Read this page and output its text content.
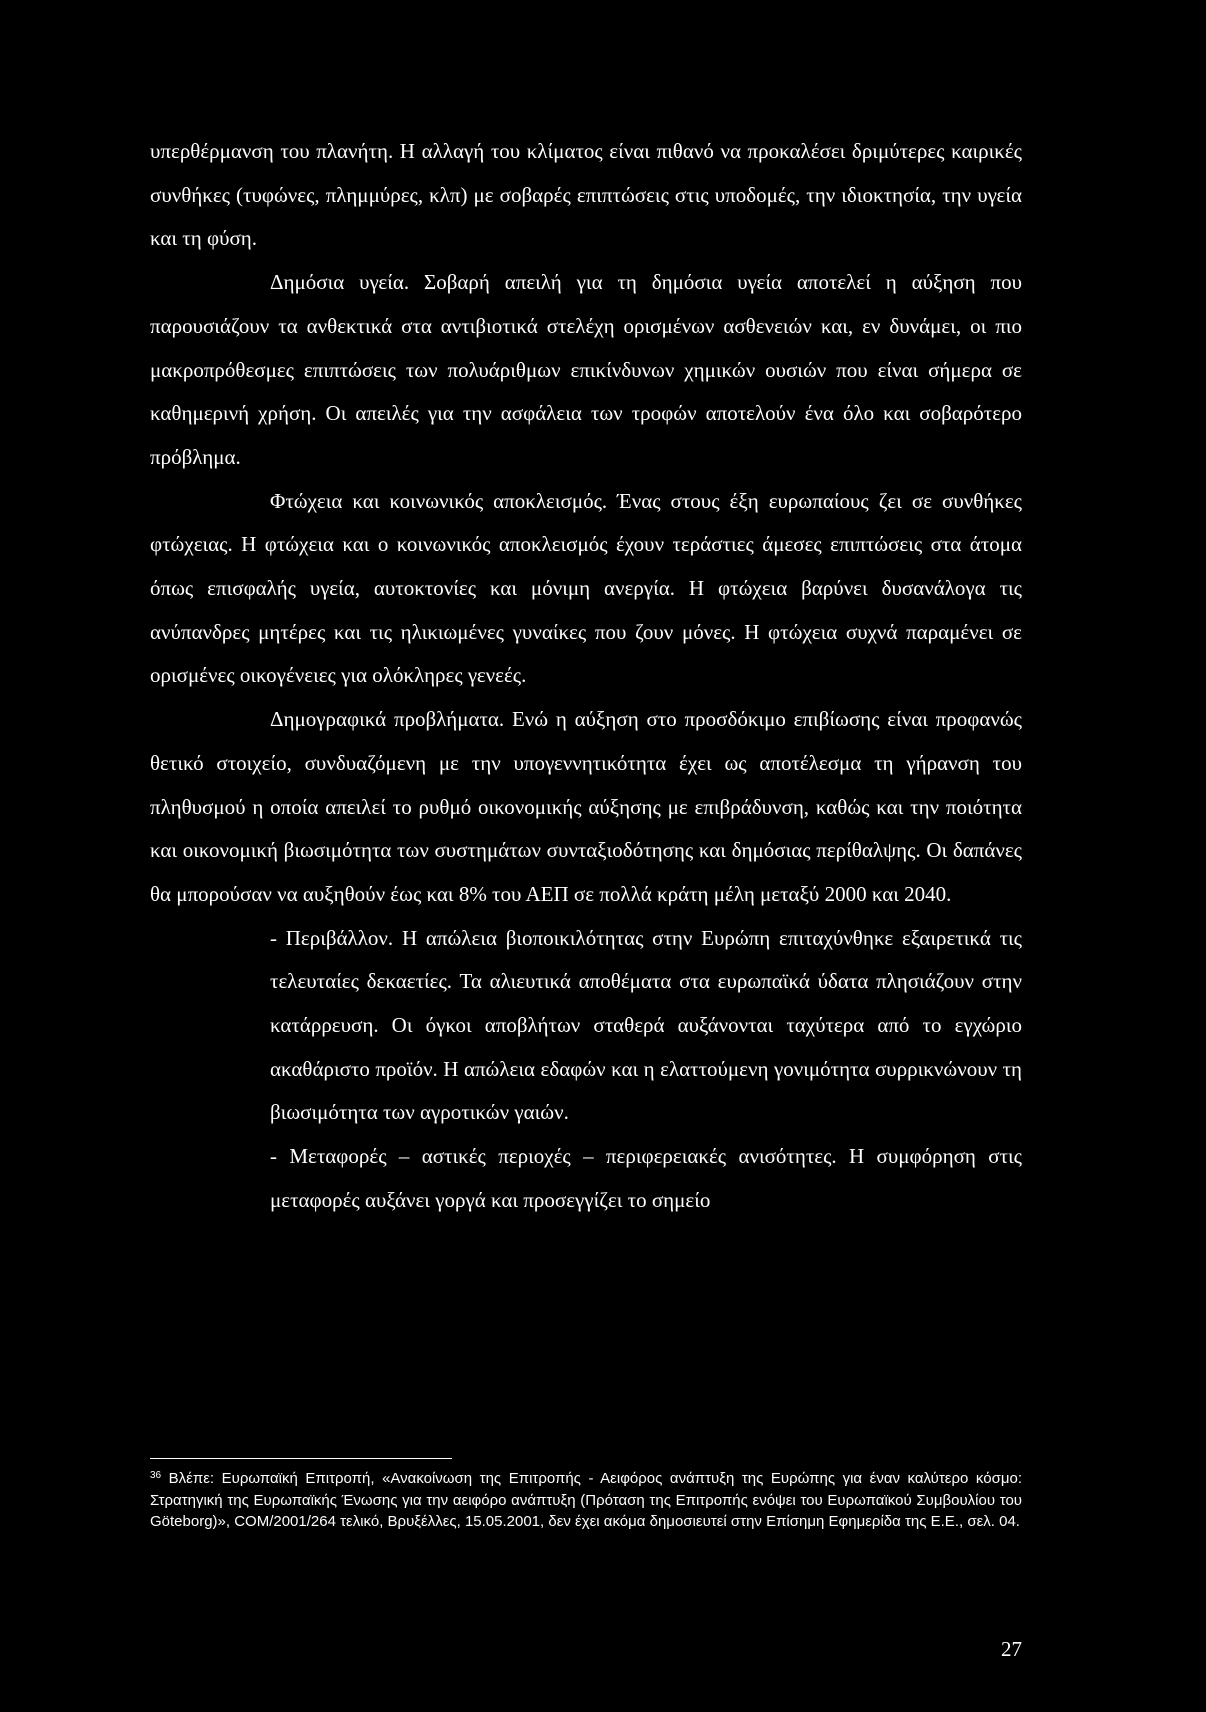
υπερθέρμανση του πλανήτη. Η αλλαγή του κλίματος είναι πιθανό να προκαλέσει δριμύτερες καιρικές συνθήκες (τυφώνες, πλημμύρες, κλπ) με σοβαρές επιπτώσεις στις υποδομές, την ιδιοκτησία, την υγεία και τη φύση.

Δημόσια υγεία. Σοβαρή απειλή για τη δημόσια υγεία αποτελεί η αύξηση που παρουσιάζουν τα ανθεκτικά στα αντιβιοτικά στελέχη ορισμένων ασθενειών και, εν δυνάμει, οι πιο μακροπρόθεσμες επιπτώσεις των πολυάριθμων επικίνδυνων χημικών ουσιών που είναι σήμερα σε καθημερινή χρήση. Οι απειλές για την ασφάλεια των τροφών αποτελούν ένα όλο και σοβαρότερο πρόβλημα.

Φτώχεια και κοινωνικός αποκλεισμός. Ένας στους έξη ευρωπαίους ζει σε συνθήκες φτώχειας. Η φτώχεια και ο κοινωνικός αποκλεισμός έχουν τεράστιες άμεσες επιπτώσεις στα άτομα όπως επισφαλής υγεία, αυτοκτονίες και μόνιμη ανεργία. Η φτώχεια βαρύνει δυσανάλογα τις ανύπανδρες μητέρες και τις ηλικιωμένες γυναίκες που ζουν μόνες. Η φτώχεια συχνά παραμένει σε ορισμένες οικογένειες για ολόκληρες γενεές.

Δημογραφικά προβλήματα. Ενώ η αύξηση στο προσδόκιμο επιβίωσης είναι προφανώς θετικό στοιχείο, συνδυαζόμενη με την υπογεννητικότητα έχει ως αποτέλεσμα τη γήρανση του πληθυσμού η οποία απειλεί το ρυθμό οικονομικής αύξησης με επιβράδυνση, καθώς και την ποιότητα και οικονομική βιωσιμότητα των συστημάτων συνταξιοδότησης και δημόσιας περίθαλψης. Οι δαπάνες θα μπορούσαν να αυξηθούν έως και 8% του ΑΕΠ σε πολλά κράτη μέλη μεταξύ 2000 και 2040.

- Περιβάλλον. Η απώλεια βιοποικιλότητας στην Ευρώπη επιταχύνθηκε εξαιρετικά τις τελευταίες δεκαετίες. Τα αλιευτικά αποθέματα στα ευρωπαϊκά ύδατα πλησιάζουν στην κατάρρευση. Οι όγκοι αποβλήτων σταθερά αυξάνονται ταχύτερα από το εγχώριο ακαθάριστο προϊόν. Η απώλεια εδαφών και η ελαττούμενη γονιμότητα συρρικνώνουν τη βιωσιμότητα των αγροτικών γαιών.

- Μεταφορές – αστικές περιοχές – περιφερειακές ανισότητες. Η συμφόρηση στις μεταφορές αυξάνει γοργά και προσεγγίζει το σημείο

$^{36}$ Βλέπε: Ευρωπαϊκή Επιτροπή, «Ανακοίνωση της Επιτροπής - Αειφόρος ανάπτυξη της Ευρώπης για έναν καλύτερο κόσμο: Στρατηγική της Ευρωπαϊκής Ένωσης για την αειφόρο ανάπτυξη (Πρόταση της Επιτροπής ενόψει του Ευρωπαϊκού Συμβουλίου του Göteborg)», COM/2001/264 τελικό, Βρυξέλλες, 15.05.2001, δεν έχει ακόμα δημοσιευτεί στην Επίσημη Εφημερίδα της Ε.Ε., σελ. 04.
27
